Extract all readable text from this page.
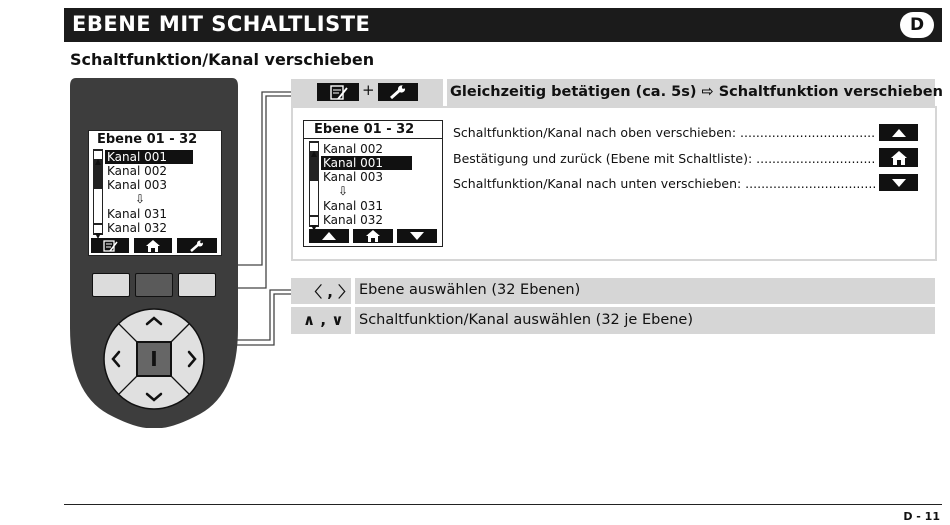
EBENE MIT SCHALTLISTE	D
Schaltfunktion/Kanal verschieben
Ebene 01 - 32
Kanal 001
Kanal 002
Kanal 003
⇩
Kanal 031
Kanal 032
I
+	Gleichzeitig betätigen (ca. 5s) ⇨ Schaltfunktion verschieben
Ebene 01 - 32
Kanal 002
Kanal 001
Kanal 003
⇩
Kanal 031
Kanal 032
Schaltfunktion/Kanal nach oben verschieben: ..................................
Bestätigung und zurück (Ebene mit Schaltliste): ..............................
Schaltfunktion/Kanal nach unten verschieben: .................................
〈 , 〉 Ebene auswählen (32 Ebenen)
∧ , ∨ Schaltfunktion/Kanal auswählen (32 je Ebene)
D - 11
